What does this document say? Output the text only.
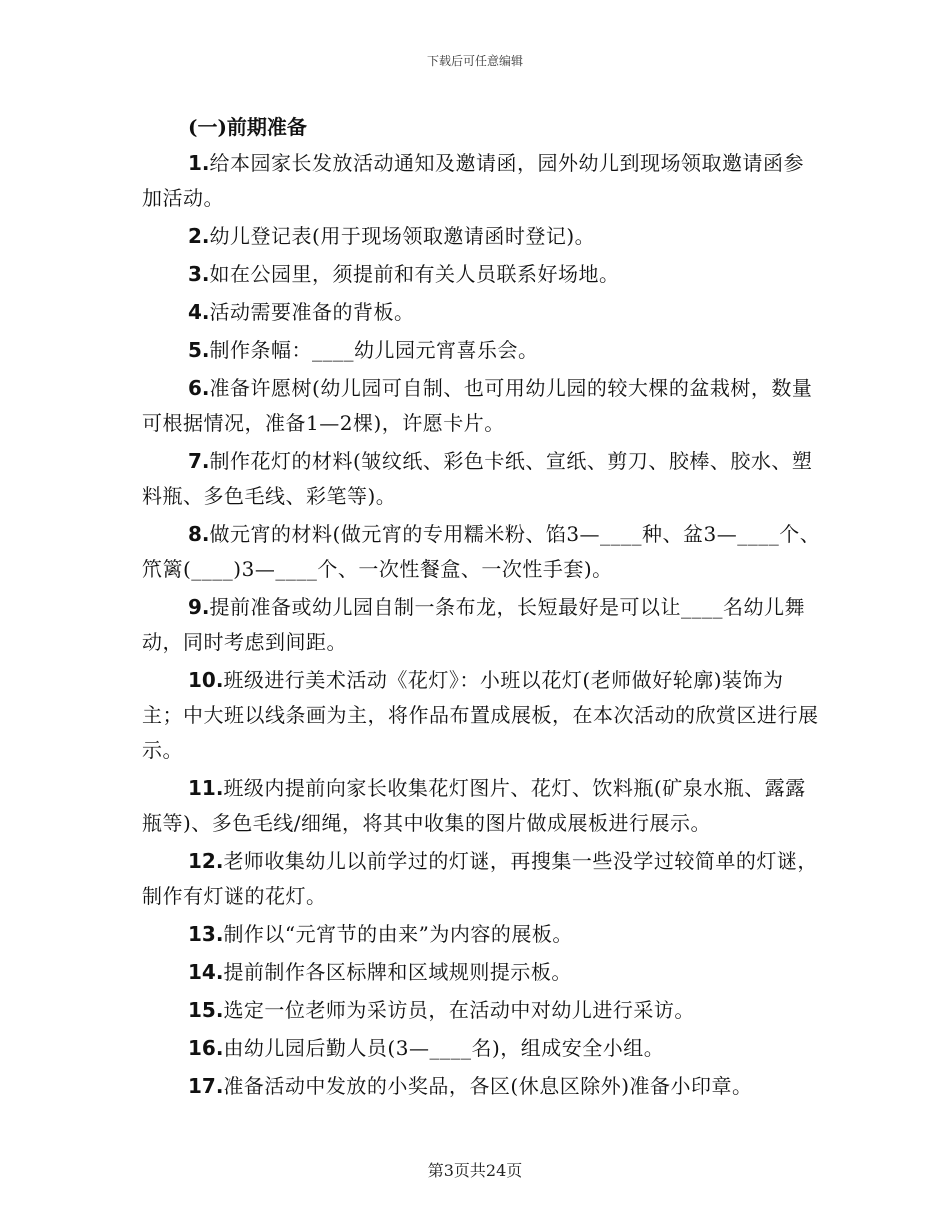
下载后可任意编辑
(一)前期准备

1.给本园家长发放活动通知及邀请函，园外幼儿到现场领取邀请函参加活动。

2.幼儿登记表(用于现场领取邀请函时登记)。

3.如在公园里，须提前和有关人员联系好场地。

4.活动需要准备的背板。

5.制作条幅：____幼儿园元宵喜乐会。

6.准备许愿树(幼儿园可自制、也可用幼儿园的较大棵的盆栽树，数量可根据情况，准备1—2棵)，许愿卡片。

7.制作花灯的材料(皱纹纸、彩色卡纸、宣纸、剪刀、胶棒、胶水、塑料瓶、多色毛线、彩笔等)。

8.做元宵的材料(做元宵的专用糯米粉、馅3—____种、盆3—____个、笊篱(____)3—____个、一次性餐盒、一次性手套)。

9.提前准备或幼儿园自制一条布龙，长短最好是可以让____名幼儿舞动，同时考虑到间距。

10.班级进行美术活动《花灯》：小班以花灯(老师做好轮廓)装饰为主；中大班以线条画为主，将作品布置成展板，在本次活动的欣赏区进行展示。

11.班级内提前向家长收集花灯图片、花灯、饮料瓶(矿泉水瓶、露露瓶等)、多色毛线/细绳，将其中收集的图片做成展板进行展示。

12.老师收集幼儿以前学过的灯谜，再搜集一些没学过较简单的灯谜，制作有灯谜的花灯。

13.制作以“元宵节的由来”为内容的展板。

14.提前制作各区标牌和区域规则提示板。

15.选定一位老师为采访员，在活动中对幼儿进行采访。

16.由幼儿园后勤人员(3—____名)，组成安全小组。

17.准备活动中发放的小奖品，各区(休息区除外)准备小印章。

第3页共24页
